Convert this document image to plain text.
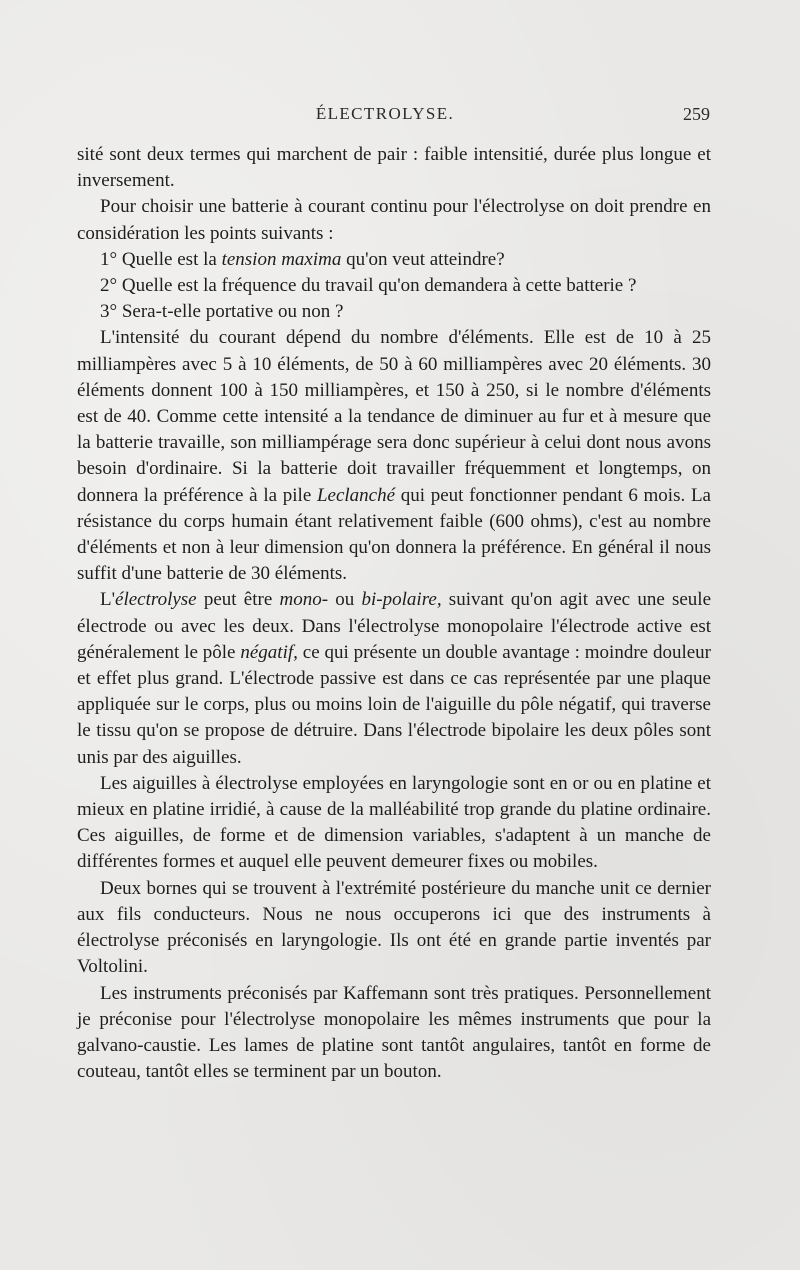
ÉLECTROLYSE.	259

sité sont deux termes qui marchent de pair : faible intensitié, durée plus longue et inversement.

Pour choisir une batterie à courant continu pour l'électrolyse on doit prendre en considération les points suivants :

1° Quelle est la tension maxima qu'on veut atteindre?

2° Quelle est la fréquence du travail qu'on demandera à cette batterie ?

3° Sera-t-elle portative ou non ?

L'intensité du courant dépend du nombre d'éléments. Elle est de 10 à 25 milliampères avec 5 à 10 éléments, de 50 à 60 milliampères avec 20 éléments. 30 éléments donnent 100 à 150 milliampères, et 150 à 250, si le nombre d'éléments est de 40. Comme cette intensité a la tendance de diminuer au fur et à mesure que la batterie travaille, son milliampérage sera donc supérieur à celui dont nous avons besoin d'ordinaire. Si la batterie doit travailler fréquemment et longtemps, on donnera la préférence à la pile Leclanché qui peut fonctionner pendant 6 mois. La résistance du corps humain étant relativement faible (600 ohms), c'est au nombre d'éléments et non à leur dimension qu'on donnera la préférence. En général il nous suffit d'une batterie de 30 éléments.

L'électrolyse peut être mono- ou bi-polaire, suivant qu'on agit avec une seule électrode ou avec les deux. Dans l'électrolyse monopolaire l'électrode active est généralement le pôle négatif, ce qui présente un double avantage : moindre douleur et effet plus grand. L'électrode passive est dans ce cas représentée par une plaque appliquée sur le corps, plus ou moins loin de l'aiguille du pôle négatif, qui traverse le tissu qu'on se propose de détruire. Dans l'électrode bipolaire les deux pôles sont unis par des aiguilles.

Les aiguilles à électrolyse employées en laryngologie sont en or ou en platine et mieux en platine irridié, à cause de la malléabilité trop grande du platine ordinaire. Ces aiguilles, de forme et de dimension variables, s'adaptent à un manche de différentes formes et auquel elle peuvent demeurer fixes ou mobiles.

Deux bornes qui se trouvent à l'extrémité postérieure du manche unit ce dernier aux fils conducteurs. Nous ne nous occuperons ici que des instruments à électrolyse préconisés en laryngologie. Ils ont été en grande partie inventés par Voltolini.

Les instruments préconisés par Kaffemann sont très pratiques. Personnellement je préconise pour l'électrolyse monopolaire les mêmes instruments que pour la galvano-caustie. Les lames de platine sont tantôt angulaires, tantôt en forme de couteau, tantôt elles se terminent par un bouton.
